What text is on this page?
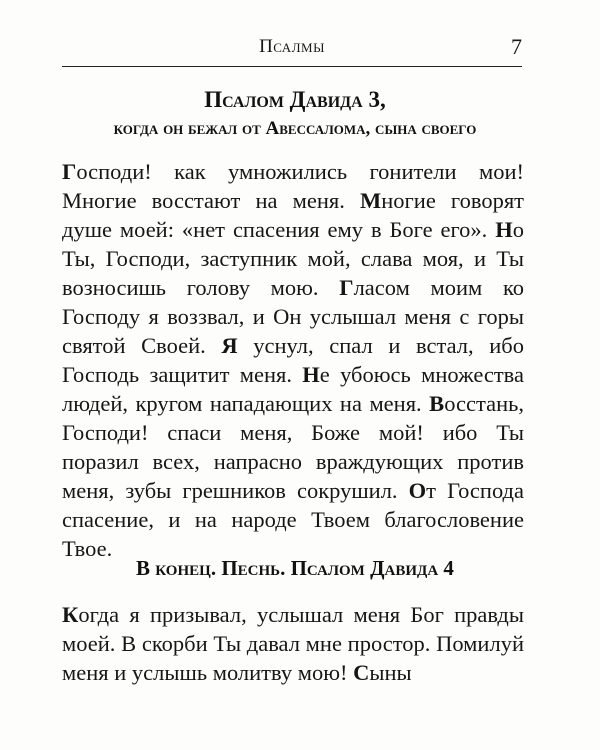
Псалмы	7
Псалом Давида 3,
когда он бежал от Авессалома, сына своего
Господи! как умножились гонители мои! Многие восстают на меня. Многие говорят душе моей: «нет спасения ему в Боге его». Но Ты, Господи, заступник мой, слава моя, и Ты возносишь голову мою. Гласом моим ко Господу я воззвал, и Он услышал меня с горы святой Своей. Я уснул, спал и встал, ибо Господь защитит меня. Не убоюсь множества людей, кругом нападающих на меня. Восстань, Господи! спаси меня, Боже мой! ибо Ты поразил всех, напрасно враждующих против меня, зубы грешников сокрушил. От Господа спасение, и на народе Твоем благословение Твое.
В конец. Песнь. Псалом Давида 4
Когда я призывал, услышал меня Бог правды моей. В скорби Ты давал мне простор. Помилуй меня и услышь молитву мою! Сыны
